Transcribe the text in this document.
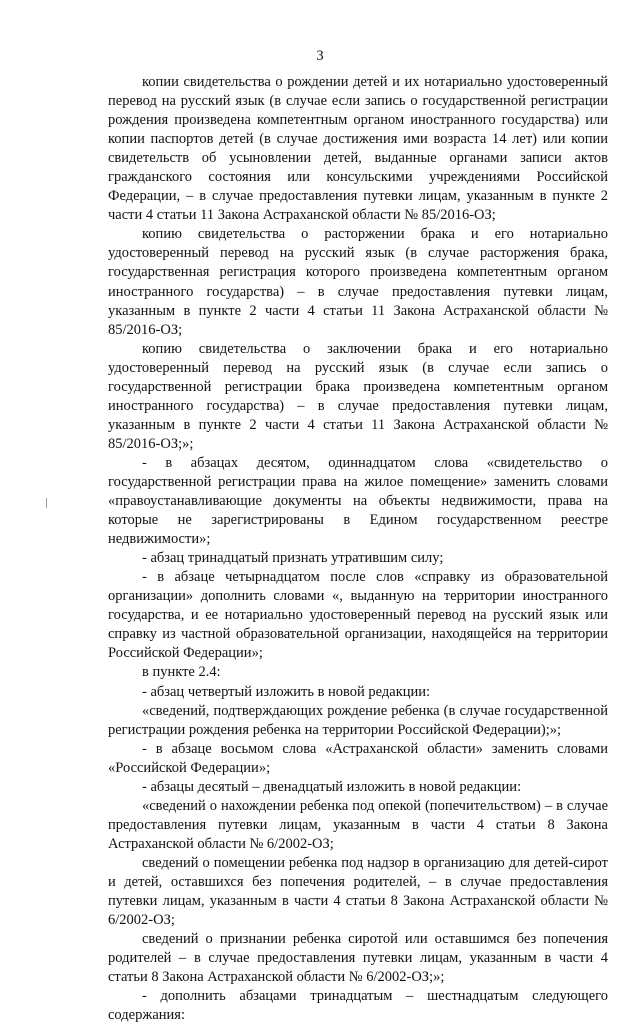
3

копии свидетельства о рождении детей и их нотариально удостоверенный перевод на русский язык (в случае если запись о государственной регистрации рождения произведена компетентным органом иностранного государства) или копии паспортов детей (в случае достижения ими возраста 14 лет) или копии свидетельств об усыновлении детей, выданные органами записи актов гражданского состояния или консульскими учреждениями Российской Федерации, – в случае предоставления путевки лицам, указанным в пункте 2 части 4 статьи 11 Закона Астраханской области № 85/2016-ОЗ;

копию свидетельства о расторжении брака и его нотариально удостоверенный перевод на русский язык (в случае расторжения брака, государственная регистрация которого произведена компетентным органом иностранного государства) – в случае предоставления путевки лицам, указанным в пункте 2 части 4 статьи 11 Закона Астраханской области № 85/2016-ОЗ;

копию свидетельства о заключении брака и его нотариально удостоверенный перевод на русский язык (в случае если запись о государственной регистрации брака произведена компетентным органом иностранного государства) – в случае предоставления путевки лицам, указанным в пункте 2 части 4 статьи 11 Закона Астраханской области № 85/2016-ОЗ;»;

- в абзацах десятом, одиннадцатом слова «свидетельство о государственной регистрации права на жилое помещение» заменить словами «правоустанавливающие документы на объекты недвижимости, права на которые не зарегистрированы в Едином государственном реестре недвижимости»;

- абзац тринадцатый признать утратившим силу;

- в абзаце четырнадцатом после слов «справку из образовательной организации» дополнить словами «, выданную на территории иностранного государства, и ее нотариально удостоверенный перевод на русский язык или справку из частной образовательной организации, находящейся на территории Российской Федерации»;

в пункте 2.4:

- абзац четвертый изложить в новой редакции:

«сведений, подтверждающих рождение ребенка (в случае государственной регистрации рождения ребенка на территории Российской Федерации);»;

- в абзаце восьмом слова «Астраханской области» заменить словами «Российской Федерации»;

- абзацы десятый – двенадцатый изложить в новой редакции:

«сведений о нахождении ребенка под опекой (попечительством) – в случае предоставления путевки лицам, указанным в части 4 статьи 8 Закона Астраханской области № 6/2002-ОЗ;

сведений о помещении ребенка под надзор в организацию для детей-сирот и детей, оставшихся без попечения родителей, – в случае предоставления путевки лицам, указанным в части 4 статьи 8 Закона Астраханской области № 6/2002-ОЗ;

сведений о признании ребенка сиротой или оставшимся без попечения родителей – в случае предоставления путевки лицам, указанным в части 4 статьи 8 Закона Астраханской области № 6/2002-ОЗ;»;

- дополнить абзацами тринадцатым – шестнадцатым следующего содержания:
